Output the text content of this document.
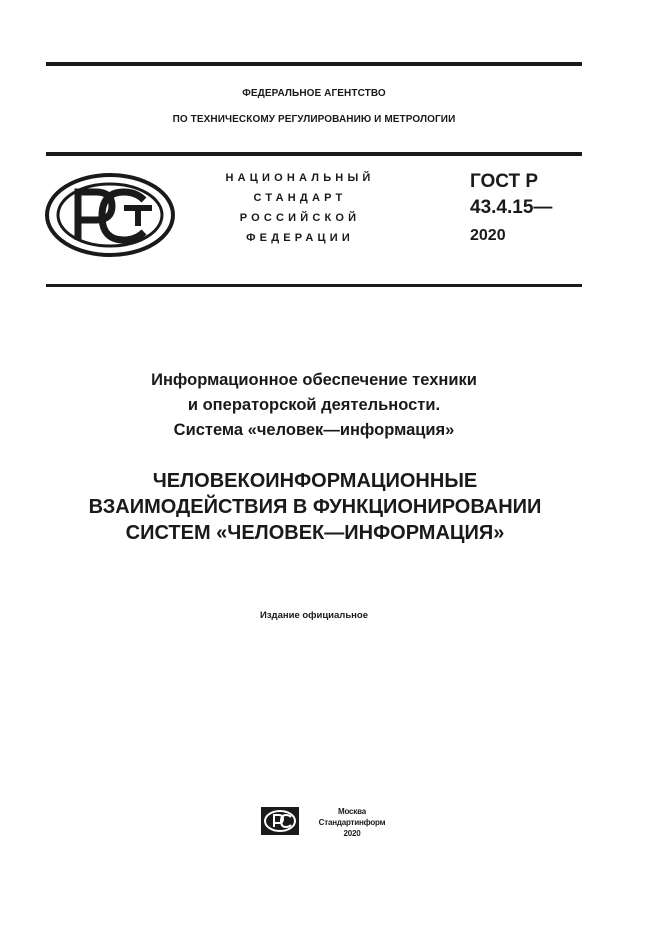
ФЕДЕРАЛЬНОЕ АГЕНТСТВО
ПО ТЕХНИЧЕСКОМУ РЕГУЛИРОВАНИЮ И МЕТРОЛОГИИ
НАЦИОНАЛЬНЫЙ
СТАНДАРТ
РОССИЙСКОЙ
ФЕДЕРАЦИИ
ГОСТ Р
43.4.15—
2020
Информационное обеспечение техники
и операторской деятельности.
Система «человек—информация»
ЧЕЛОВЕКОИНФОРМАЦИОННЫЕ
ВЗАИМОДЕЙСТВИЯ В ФУНКЦИОНИРОВАНИИ
СИСТЕМ «ЧЕЛОВЕК—ИНФОРМАЦИЯ»
Издание официальное
Москва
Стандартинформ
2020
